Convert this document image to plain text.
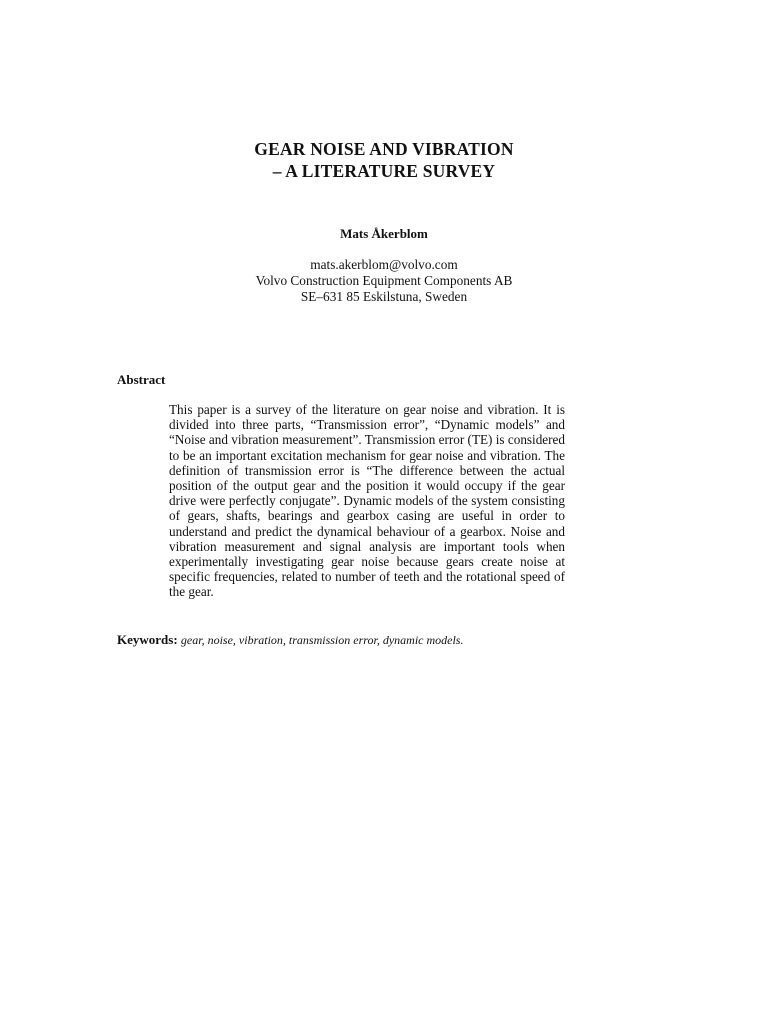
GEAR NOISE AND VIBRATION
– A LITERATURE SURVEY
Mats Åkerblom
mats.akerblom@volvo.com
Volvo Construction Equipment Components AB
SE–631 85 Eskilstuna, Sweden
Abstract

This paper is a survey of the literature on gear noise and vibration. It is divided into three parts, “Transmission error”, “Dynamic models” and “Noise and vibration measurement”. Transmission error (TE) is considered to be an important excitation mechanism for gear noise and vibration. The definition of transmission error is “The difference between the actual position of the output gear and the position it would occupy if the gear drive were perfectly conjugate”. Dynamic models of the system consisting of gears, shafts, bearings and gearbox casing are useful in order to understand and predict the dynamical behaviour of a gearbox. Noise and vibration measurement and signal analysis are important tools when experimentally investigating gear noise because gears create noise at specific frequencies, related to number of teeth and the rotational speed of the gear.

Keywords: gear, noise, vibration, transmission error, dynamic models.
